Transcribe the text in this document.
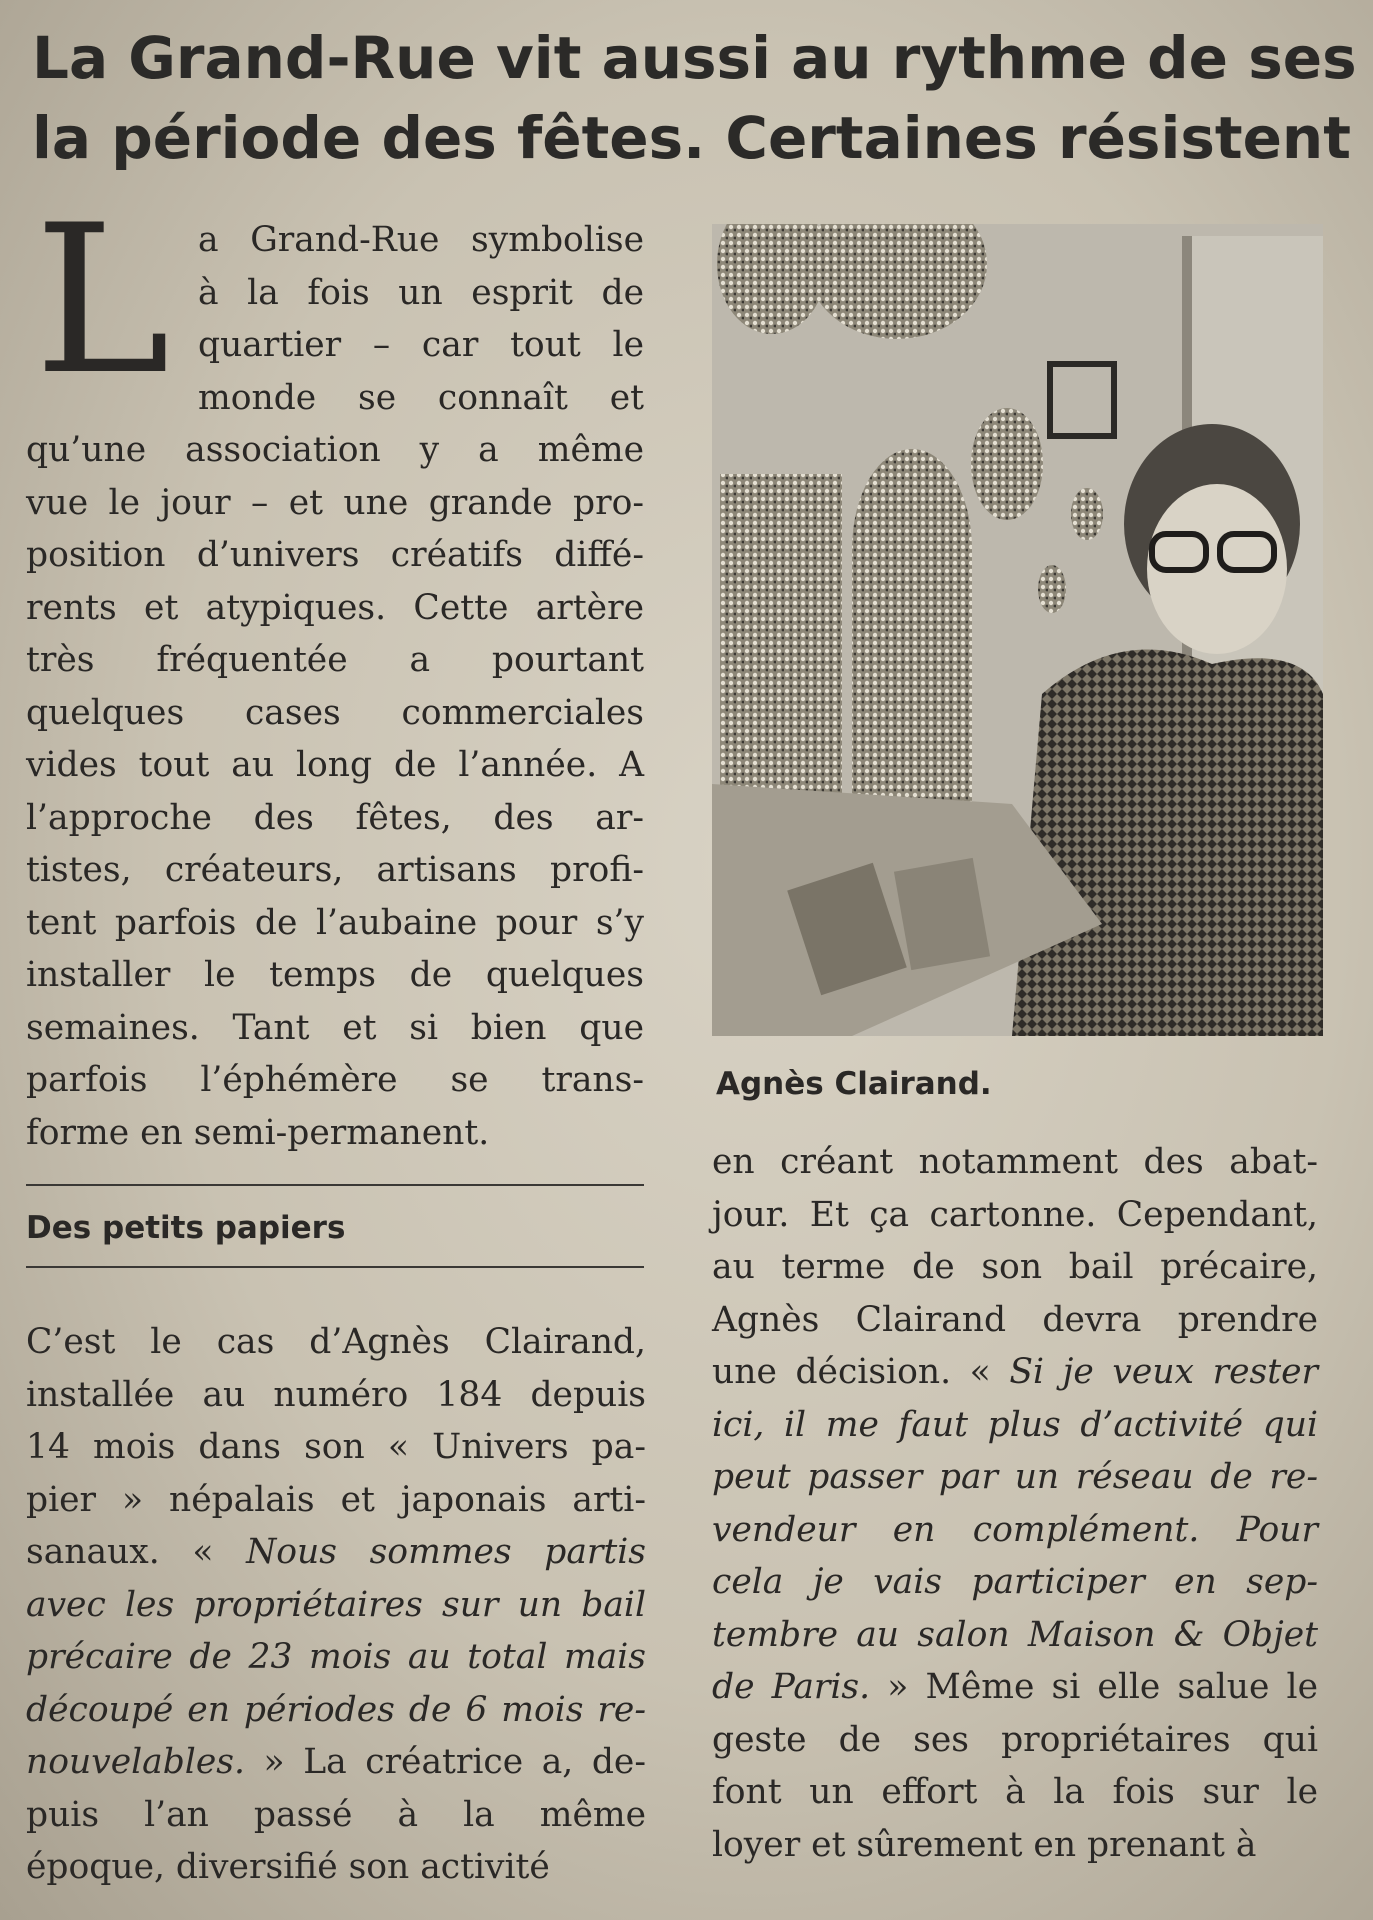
La Grand-Rue vit aussi au rythme de ses
la période des fêtes. Certaines résistent
L a Grand-Rue symbolise
à la fois un esprit de
quartier – car tout le
monde se connaît et
qu’une association y a même
vue le jour – et une grande pro-
position d’univers créatifs diffé-
rents et atypiques. Cette artère
très fréquentée a pourtant
quelques cases commerciales
vides tout au long de l’année. A
l’approche des fêtes, des ar-
tistes, créateurs, artisans profi-
tent parfois de l’aubaine pour s’y
installer le temps de quelques
semaines. Tant et si bien que
parfois l’éphémère se trans-
forme en semi-permanent.
Des petits papiers
C’est le cas d’Agnès Clairand,
installée au numéro 184 depuis
14 mois dans son « Univers pa-
pier » népalais et japonais arti-
sanaux. « Nous sommes partis
avec les propriétaires sur un bail
précaire de 23 mois au total mais
découpé en périodes de 6 mois re-
nouvelables. » La créatrice a, de-
puis l’an passé à la même
époque, diversifié son activité
Agnès Clairand.
en créant notamment des abat-
jour. Et ça cartonne. Cependant,
au terme de son bail précaire,
Agnès Clairand devra prendre
une décision. « Si je veux rester
ici, il me faut plus d’activité qui
peut passer par un réseau de re-
vendeur en complément. Pour
cela je vais participer en sep-
tembre au salon Maison & Objet
de Paris. » Même si elle salue le
geste de ses propriétaires qui
font un effort à la fois sur le
loyer et sûrement en prenant à
